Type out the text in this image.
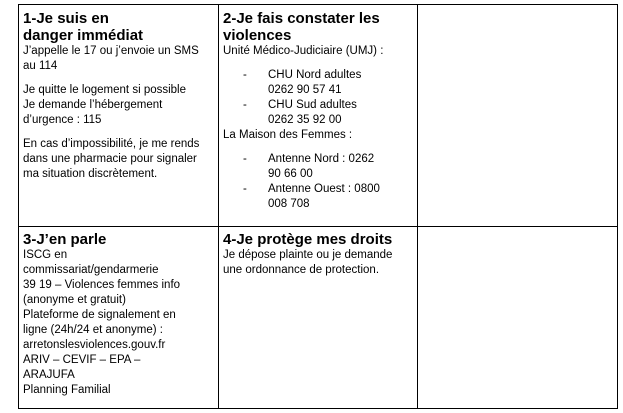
1-Je suis en danger immédiat

J’appelle le 17 ou j’envoie un SMS au 114

Je quitte le logement si possible

Je demande l’hébergement d’urgence : 115

En cas d’impossibilité, je me rends dans une pharmacie pour signaler ma situation discrètement.

2-Je fais constater les violences

Unité Médico-Judiciaire (UMJ) :

- CHU Nord adultes 0262 90 57 41
- CHU Sud adultes 0262 35 92 00

La Maison des Femmes :

- Antenne Nord : 0262 90 66 00
- Antenne Ouest : 0800 008 708

3-J’en parle

ISCG en commissariat/gendarmerie

39 19 – Violences femmes info (anonyme et gratuit)

Plateforme de signalement en ligne (24h/24 et anonyme) : arretonslesviolences.gouv.fr

ARIV – CEVIF – EPA – ARAJUFA

Planning Familial

4-Je protège mes droits

Je dépose plainte ou je demande une ordonnance de protection.
